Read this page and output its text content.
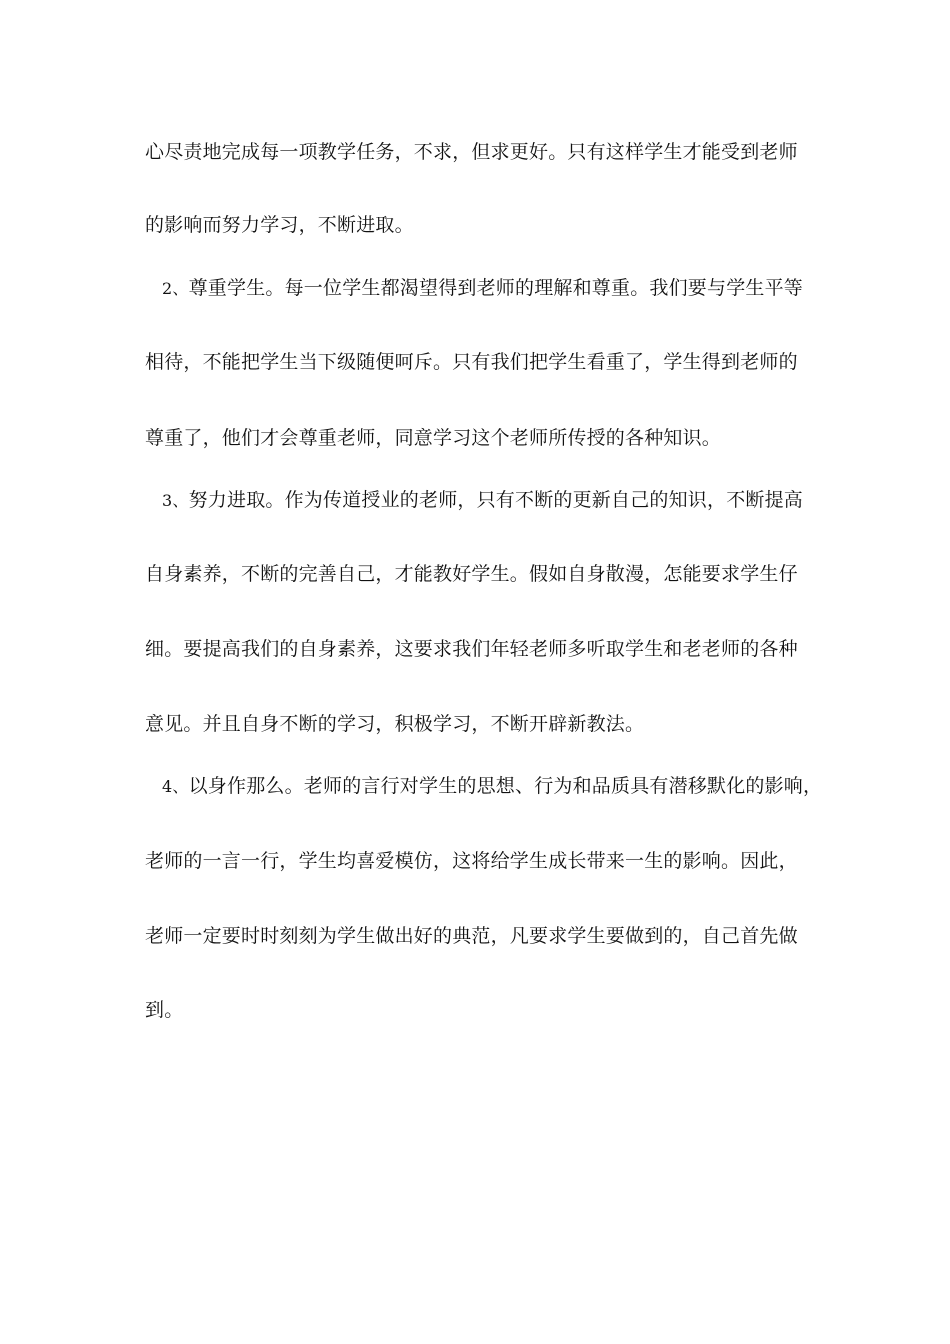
心尽责地完成每一项教学任务，不求，但求更好。只有这样学生才能受到老师
的影响而努力学习，不断进取。
2、尊重学生。每一位学生都渴望得到老师的理解和尊重。我们要与学生平等
相待，不能把学生当下级随便呵斥。只有我们把学生看重了，学生得到老师的
尊重了，他们才会尊重老师，同意学习这个老师所传授的各种知识。
3、努力进取。作为传道授业的老师，只有不断的更新自己的知识，不断提高
自身素养，不断的完善自己，才能教好学生。假如自身散漫，怎能要求学生仔
细。要提高我们的自身素养，这要求我们年轻老师多听取学生和老老师的各种
意见。并且自身不断的学习，积极学习，不断开辟新教法。
4、以身作那么。老师的言行对学生的思想、行为和品质具有潜移默化的影响，
老师的一言一行，学生均喜爱模仿，这将给学生成长带来一生的影响。因此，
老师一定要时时刻刻为学生做出好的典范，凡要求学生要做到的，自己首先做
到。
